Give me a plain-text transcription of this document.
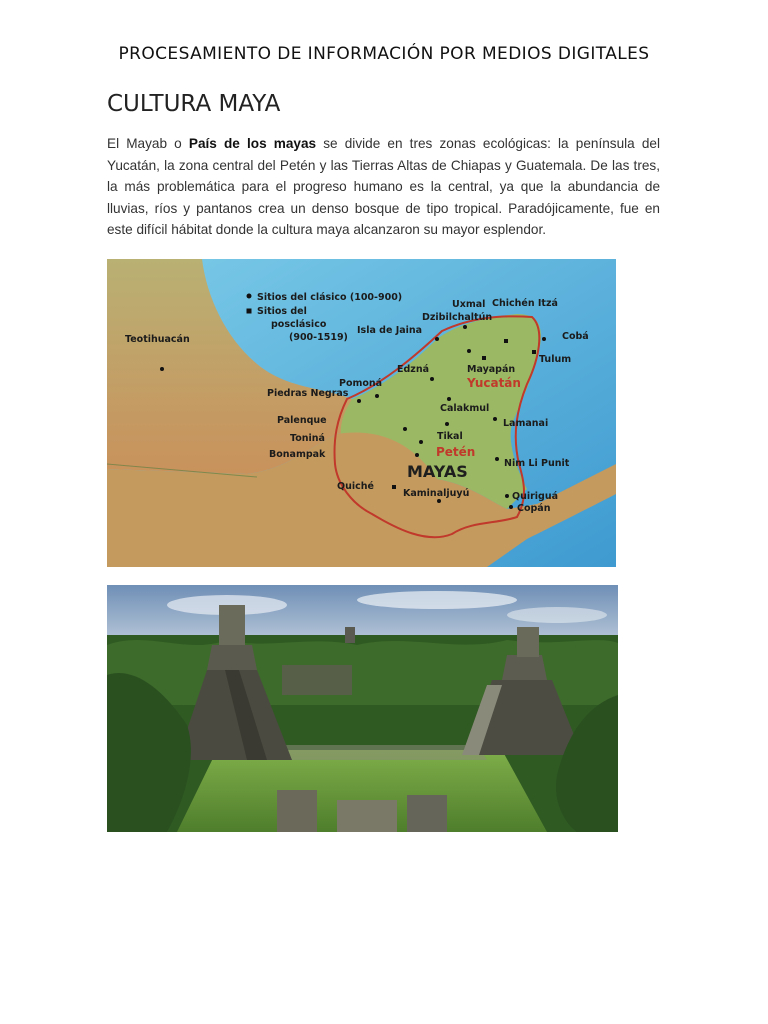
PROCESAMIENTO DE INFORMACIÓN POR MEDIOS DIGITALES
CULTURA MAYA
El Mayab o País de los mayas se divide en tres zonas ecológicas: la península del Yucatán, la zona central del Petén y las Tierras Altas de Chiapas y Guatemala. De las tres, la más problemática para el progreso humano es la central, ya que la abundancia de lluvias, ríos y pantanos crea un denso bosque de tipo tropical. Paradójicamente, fue en este difícil hábitat donde la cultura maya alcanzaron su mayor esplendor.
Sitios del clásico (100-900)
Sitios del
posclásico
(900-1519)
MAYAS
Yucatán
Petén
Teotihuacán
Uxmal Chichén Itzá
Dzibilchaltún
Isla de Jaina
Cobá
Tulum
Mayapán
Edzná
Pomoná
Piedras Negras
Calakmul
Palenque	Lamanai
Toniná	Tikal
Bonampak
Nim Li Punit
Quiché
Kaminaljuyú	Quiriguá
Copán
